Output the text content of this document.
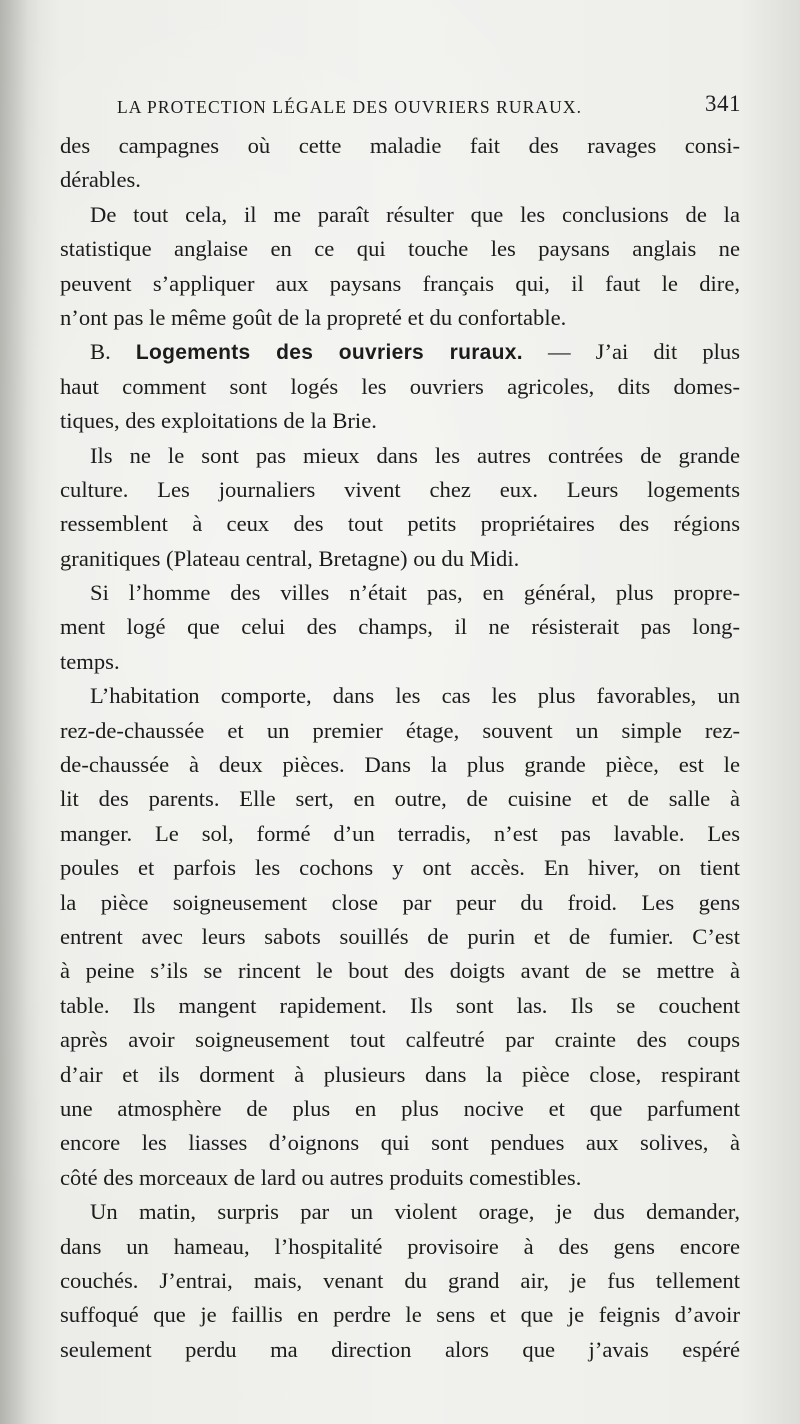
LA PROTECTION LÉGALE DES OUVRIERS RURAUX.	341
des campagnes où cette maladie fait des ravages consi-
dérables.
De tout cela, il me paraît résulter que les conclusions de la
statistique anglaise en ce qui touche les paysans anglais ne
peuvent s’appliquer aux paysans français qui, il faut le dire,
n’ont pas le même goût de la propreté et du confortable.
B. Logements des ouvriers ruraux. — J’ai dit plus
haut comment sont logés les ouvriers agricoles, dits domes-
tiques, des exploitations de la Brie.
Ils ne le sont pas mieux dans les autres contrées de grande
culture. Les journaliers vivent chez eux. Leurs logements
ressemblent à ceux des tout petits propriétaires des régions
granitiques (Plateau central, Bretagne) ou du Midi.
Si l’homme des villes n’était pas, en général, plus propre-
ment logé que celui des champs, il ne résisterait pas long-
temps.
L’habitation comporte, dans les cas les plus favorables, un
rez-de-chaussée et un premier étage, souvent un simple rez-
de-chaussée à deux pièces. Dans la plus grande pièce, est le
lit des parents. Elle sert, en outre, de cuisine et de salle à
manger. Le sol, formé d’un terradis, n’est pas lavable. Les
poules et parfois les cochons y ont accès. En hiver, on tient
la pièce soigneusement close par peur du froid. Les gens
entrent avec leurs sabots souillés de purin et de fumier. C’est
à peine s’ils se rincent le bout des doigts avant de se mettre à
table. Ils mangent rapidement. Ils sont las. Ils se couchent
après avoir soigneusement tout calfeutré par crainte des coups
d’air et ils dorment à plusieurs dans la pièce close, respirant
une atmosphère de plus en plus nocive et que parfument
encore les liasses d’oignons qui sont pendues aux solives, à
côté des morceaux de lard ou autres produits comestibles.
Un matin, surpris par un violent orage, je dus demander,
dans un hameau, l’hospitalité provisoire à des gens encore
couchés. J’entrai, mais, venant du grand air, je fus tellement
suffoqué que je faillis en perdre le sens et que je feignis d’avoir
seulement perdu ma direction alors que j’avais espéré
